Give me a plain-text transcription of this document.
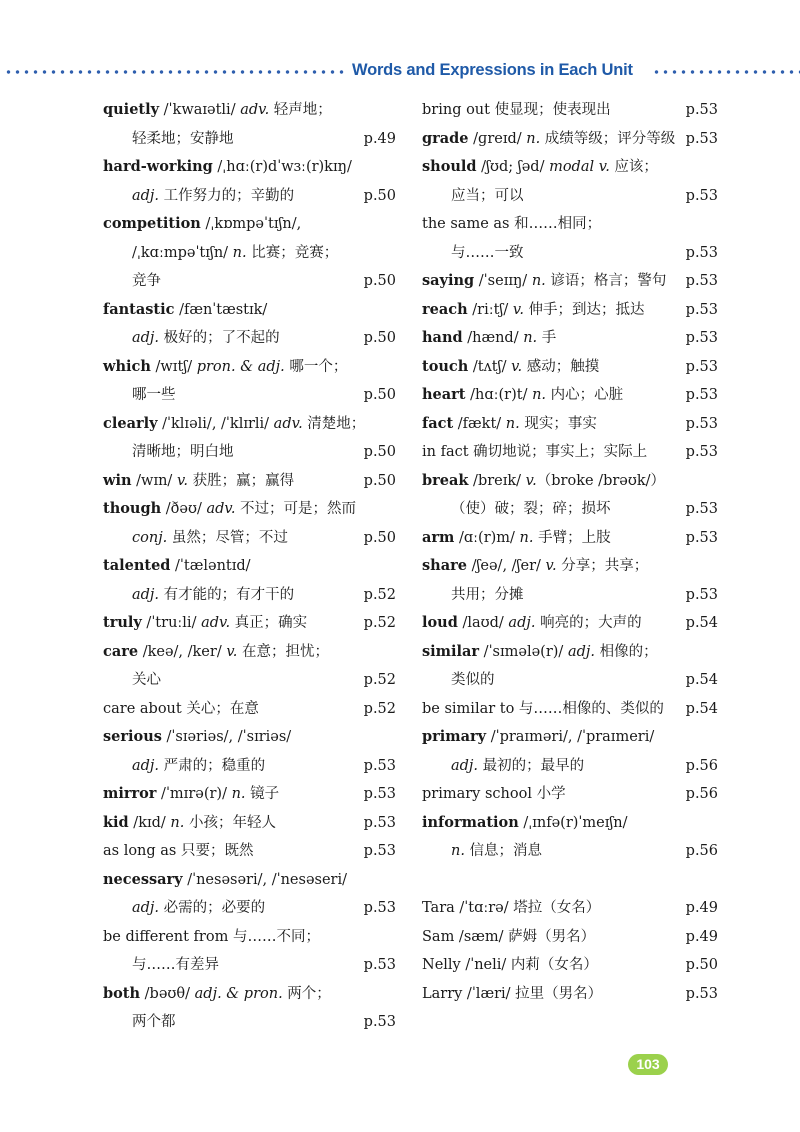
Words and Expressions in Each Unit
quietly /ˈkwaɪətli/ adv. 轻声地；
轻柔地；安静地	p.49
hard-working /ˌhɑː(r)dˈwɜː(r)kɪŋ/
adj. 工作努力的；辛勤的	p.50
competition /ˌkɒmpəˈtɪʃn/,
/ˌkɑːmpəˈtɪʃn/ n. 比赛；竞赛；
竞争	p.50
fantastic /fænˈtæstɪk/
adj. 极好的；了不起的	p.50
which /wɪtʃ/ pron. & adj. 哪一个；
哪一些	p.50
clearly /ˈklɪəli/, /ˈklɪrli/ adv. 清楚地；
清晰地；明白地	p.50
win /wɪn/ v. 获胜；赢；赢得	p.50
though /ðəʊ/ adv. 不过；可是；然而
conj. 虽然；尽管；不过	p.50
talented /ˈtæləntɪd/
adj. 有才能的；有才干的	p.52
truly /ˈtruːli/ adv. 真正；确实	p.52
care /keə/, /ker/ v. 在意；担忧；
关心	p.52
care about 关心；在意	p.52
serious /ˈsɪəriəs/, /ˈsɪriəs/
adj. 严肃的；稳重的	p.53
mirror /ˈmɪrə(r)/ n. 镜子	p.53
kid /kɪd/ n. 小孩；年轻人	p.53
as long as 只要；既然	p.53
necessary /ˈnesəsəri/, /ˈnesəseri/
adj. 必需的；必要的	p.53
be different from 与……不同；
与……有差异	p.53
both /bəʊθ/ adj. & pron. 两个；
两个都	p.53
bring out 使显现；使表现出	p.53
grade /ɡreɪd/ n. 成绩等级；评分等级 p.53
should /ʃʊd; ʃəd/ modal v. 应该；
应当；可以	p.53
the same as 和……相同；
与……一致	p.53
saying /ˈseɪɪŋ/ n. 谚语；格言；警句 p.53
reach /riːtʃ/ v. 伸手；到达；抵达	p.53
hand /hænd/ n. 手	p.53
touch /tʌtʃ/ v. 感动；触摸	p.53
heart /hɑː(r)t/ n. 内心；心脏	p.53
fact /fækt/ n. 现实；事实	p.53
in fact 确切地说；事实上；实际上	p.53
break /breɪk/ v.（broke /brəʊk/）
（使）破；裂；碎；损坏	p.53
arm /ɑː(r)m/ n. 手臂；上肢	p.53
share /ʃeə/, /ʃer/ v. 分享；共享；
共用；分摊	p.53
loud /laʊd/ adj. 响亮的；大声的	p.54
similar /ˈsɪmələ(r)/ adj. 相像的；
类似的	p.54
be similar to 与……相像的、类似的 p.54
primary /ˈpraɪməri/, /ˈpraɪmeri/
adj. 最初的；最早的	p.56
primary school 小学	p.56
information /ˌɪnfə(r)ˈmeɪʃn/
n. 信息；消息	p.56
Tara /ˈtɑːrə/ 塔拉（女名）	p.49
Sam /sæm/ 萨姆（男名）	p.49
Nelly /ˈneli/ 内莉（女名）	p.50
Larry /ˈlæri/ 拉里（男名）	p.53
103
